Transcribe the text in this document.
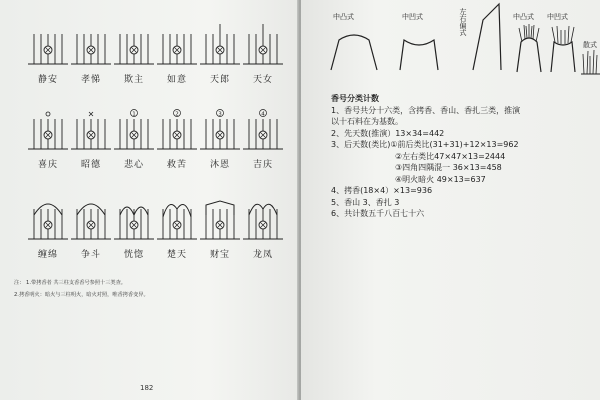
静安	孝悌	欺主	如意	天郎	天女
喜庆	昭德
1
悲心
2
救苦
3
沐恩
4
吉庆
缠绵	争斗	恍惚	楚天	财宝	龙凤
注： 1.带拷香者 共三柱支香香号参照十三类查。
2.拷香明火：暗火与三柱明火，暗火对照，唯香拷香变异。
182
中凸式	中凹式	左右偏式	中凸式 中凹式
散式
香号分类计数
1、香号共分十六类，含拷香、香山、香扎三类，推演
以十石料在为基数。
2、先天数(推演）13×34=442
3、后天数(类比)①前后类比(31+31)+12×13=962
　　　　　　　　②左右类比47×47×13=2444
　　　　　　　　③四角四隅混一 36×13=458
　　　　　　　　④明火暗火 49×13=637
4、拷香(18×4）×13=936
5、香山 3、香扎 3
6、共计数五千八百七十六
